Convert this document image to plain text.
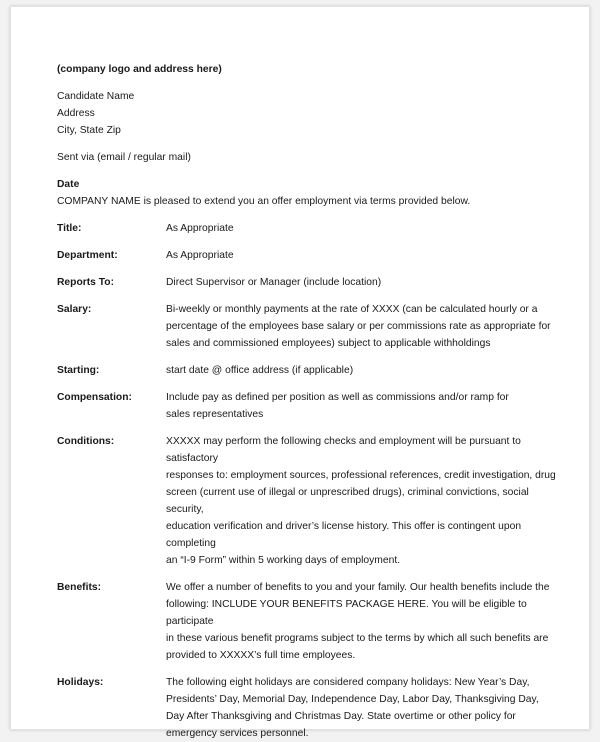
(company logo and address here)

Candidate Name

Address

City, State Zip

Sent via (email / regular mail)

Date

COMPANY NAME is pleased to extend you an offer employment via terms provided below.

Title:	As Appropriate
Department:	As Appropriate
Reports To:	Direct Supervisor or Manager (include location)
Salary:	Bi-weekly or monthly payments at the rate of XXXX (can be calculated hourly or a
percentage of the employees base salary or per commissions rate as appropriate for
sales and commissioned employees) subject to applicable withholdings
Starting:	start date @ office address (if applicable)
Compensation:	Include pay as defined per position as well as commissions and/or ramp for
sales representatives
Conditions:	XXXXX may perform the following checks and employment will be pursuant to satisfactory
responses to: employment sources, professional references, credit investigation, drug
screen (current use of illegal or unprescribed drugs), criminal convictions, social security,
education verification and driver’s license history. This offer is contingent upon completing
an “I-9 Form” within 5 working days of employment.
Benefits:	We offer a number of benefits to you and your family. Our health benefits include the
following: INCLUDE YOUR BENEFITS PACKAGE HERE. You will be eligible to participate
in these various benefit programs subject to the terms by which all such benefits are
provided to XXXXX’s full time employees.
Holidays:	The following eight holidays are considered company holidays: New Year’s Day,
Presidents’ Day, Memorial Day, Independence Day, Labor Day, Thanksgiving Day,
Day After Thanksgiving and Christmas Day. State overtime or other policy for
emergency services personnel.
